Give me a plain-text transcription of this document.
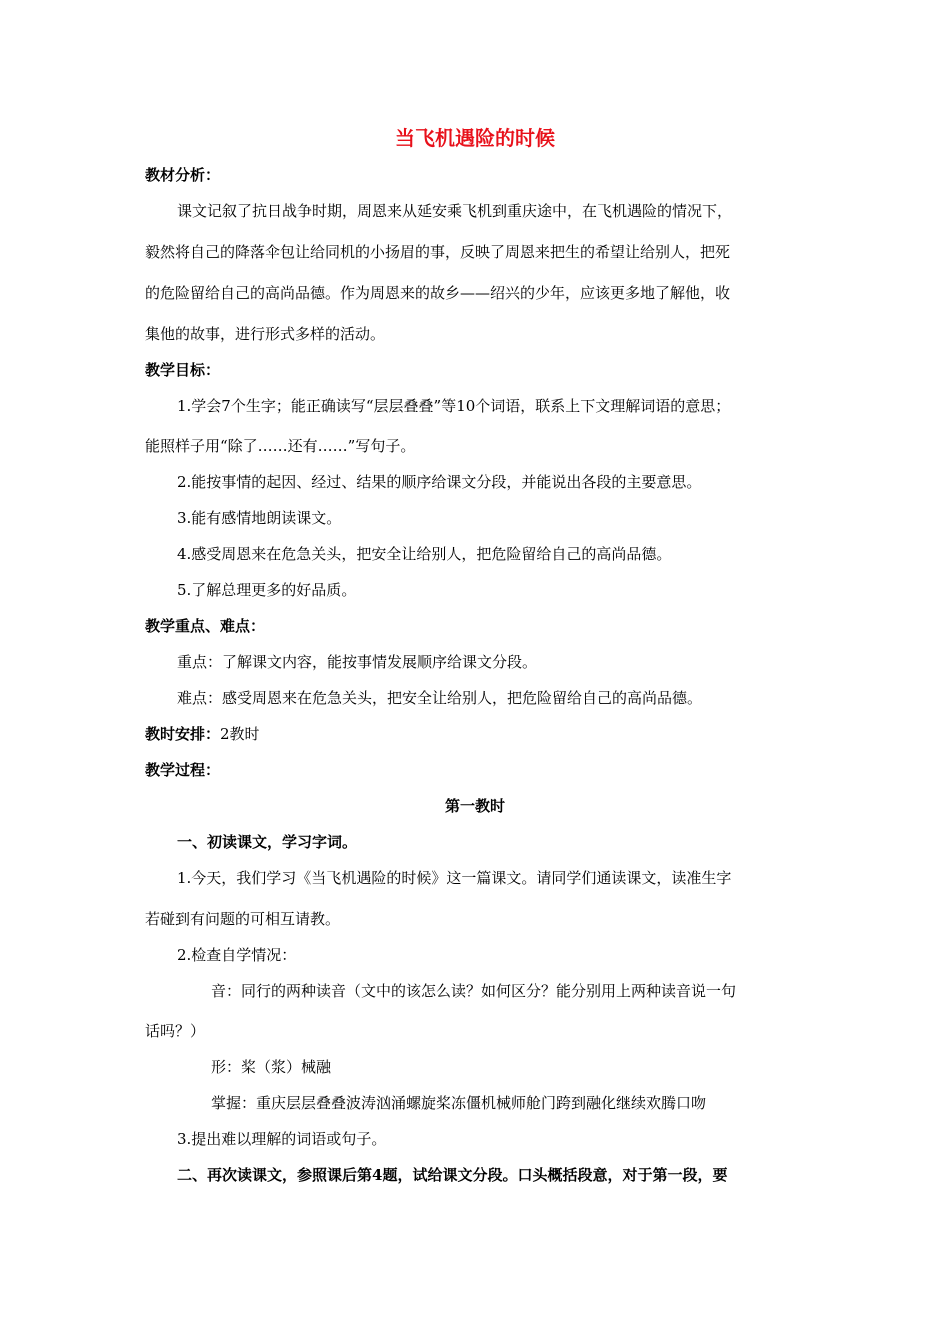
当飞机遇险的时候
教材分析：
课文记叙了抗日战争时期，周恩来从延安乘飞机到重庆途中，在飞机遇险的情况下，
毅然将自己的降落伞包让给同机的小扬眉的事，反映了周恩来把生的希望让给别人，把死
的危险留给自己的高尚品德。作为周恩来的故乡——绍兴的少年，应该更多地了解他，收
集他的故事，进行形式多样的活动。
教学目标：
1.学会7个生字；能正确读写“层层叠叠”等10个词语，联系上下文理解词语的意思；
能照样子用“除了……还有……”写句子。
2.能按事情的起因、经过、结果的顺序给课文分段，并能说出各段的主要意思。
3.能有感情地朗读课文。
4.感受周恩来在危急关头，把安全让给别人，把危险留给自己的高尚品德。
5.了解总理更多的好品质。
教学重点、难点：
重点：了解课文内容，能按事情发展顺序给课文分段。
难点：感受周恩来在危急关头，把安全让给别人，把危险留给自己的高尚品德。
教时安排：2教时
教学过程：
第一教时
一、初读课文，学习字词。
1.今天，我们学习《当飞机遇险的时候》这一篇课文。请同学们通读课文，读准生字
若碰到有问题的可相互请教。
2.检查自学情况：
音：同行的两种读音（文中的该怎么读？如何区分？能分别用上两种读音说一句
话吗？）
形：桨（浆）械融
掌握：重庆层层叠叠波涛汹涌螺旋桨冻僵机械师舱门跨到融化继续欢腾口吻
3.提出难以理解的词语或句子。
二、再次读课文，参照课后第4题，试给课文分段。口头概括段意，对于第一段，要
